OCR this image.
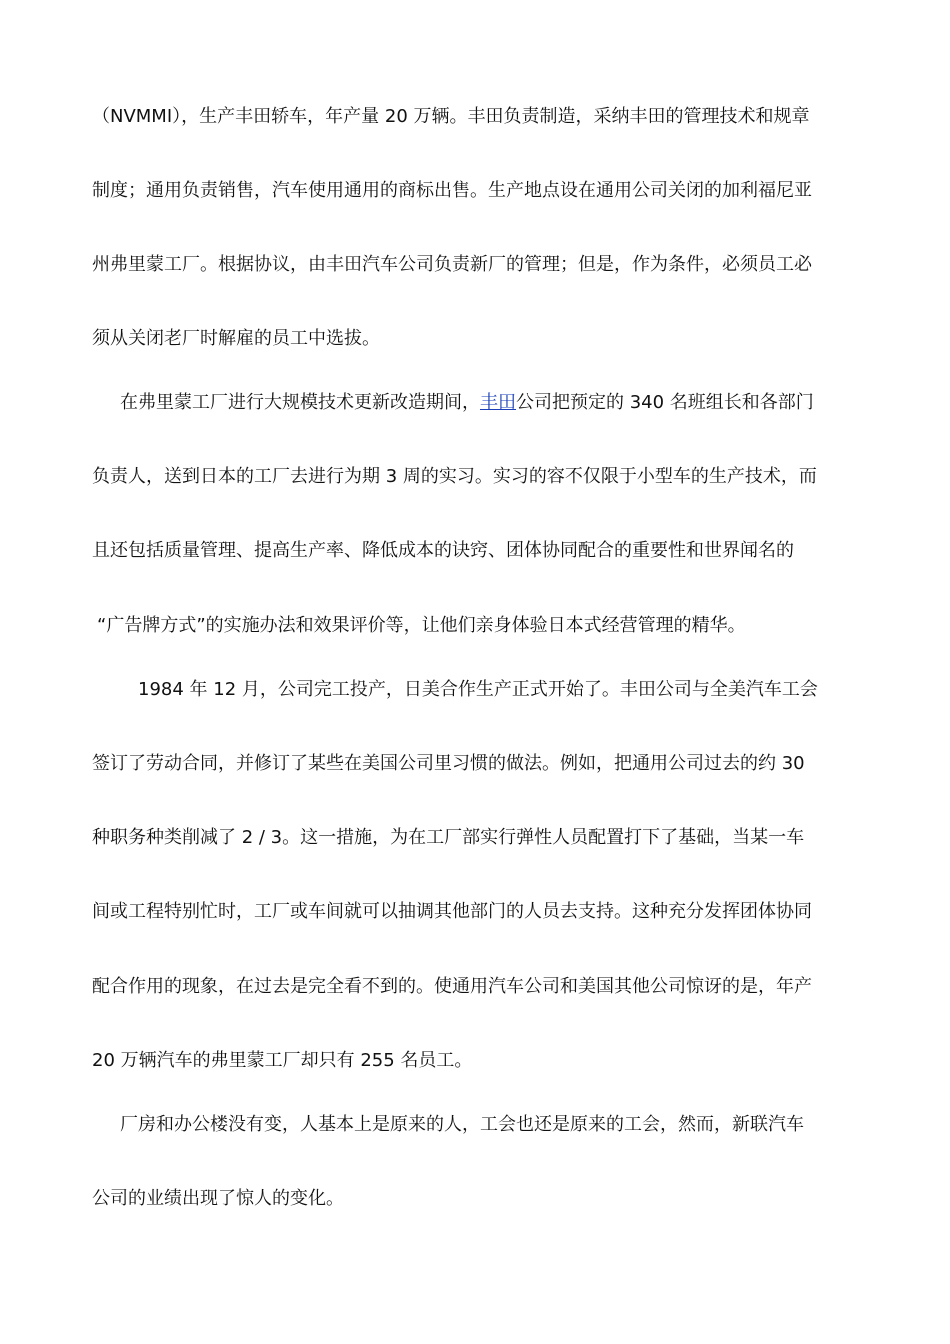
（NVMMI），生产丰田轿车，年产量 20 万辆。丰田负责制造，采纳丰田的管理技术和规章
制度；通用负责销售，汽车使用通用的商标出售。生产地点设在通用公司关闭的加利福尼亚
州弗里蒙工厂。根据协议，由丰田汽车公司负责新厂的管理；但是，作为条件，必须员工必
须从关闭老厂时解雇的员工中选拔。
在弗里蒙工厂进行大规模技术更新改造期间，丰田公司把预定的 340 名班组长和各部门
负责人，送到日本的工厂去进行为期 3 周的实习。实习的容不仅限于小型车的生产技术，而
且还包括质量管理、提高生产率、降低成本的诀窍、团体协同配合的重要性和世界闻名的
“广告牌方式”的实施办法和效果评价等，让他们亲身体验日本式经营管理的精华。
1984 年 12 月，公司完工投产，日美合作生产正式开始了。丰田公司与全美汽车工会
签订了劳动合同，并修订了某些在美国公司里习惯的做法。例如，把通用公司过去的约 30
种职务种类削减了 2 / 3。这一措施，为在工厂部实行弹性人员配置打下了基础，当某一车
间或工程特别忙时，工厂或车间就可以抽调其他部门的人员去支持。这种充分发挥团体协同
配合作用的现象，在过去是完全看不到的。使通用汽车公司和美国其他公司惊讶的是，年产
20 万辆汽车的弗里蒙工厂却只有 255 名员工。
厂房和办公楼没有变，人基本上是原来的人，工会也还是原来的工会，然而，新联汽车
公司的业绩出现了惊人的变化。
